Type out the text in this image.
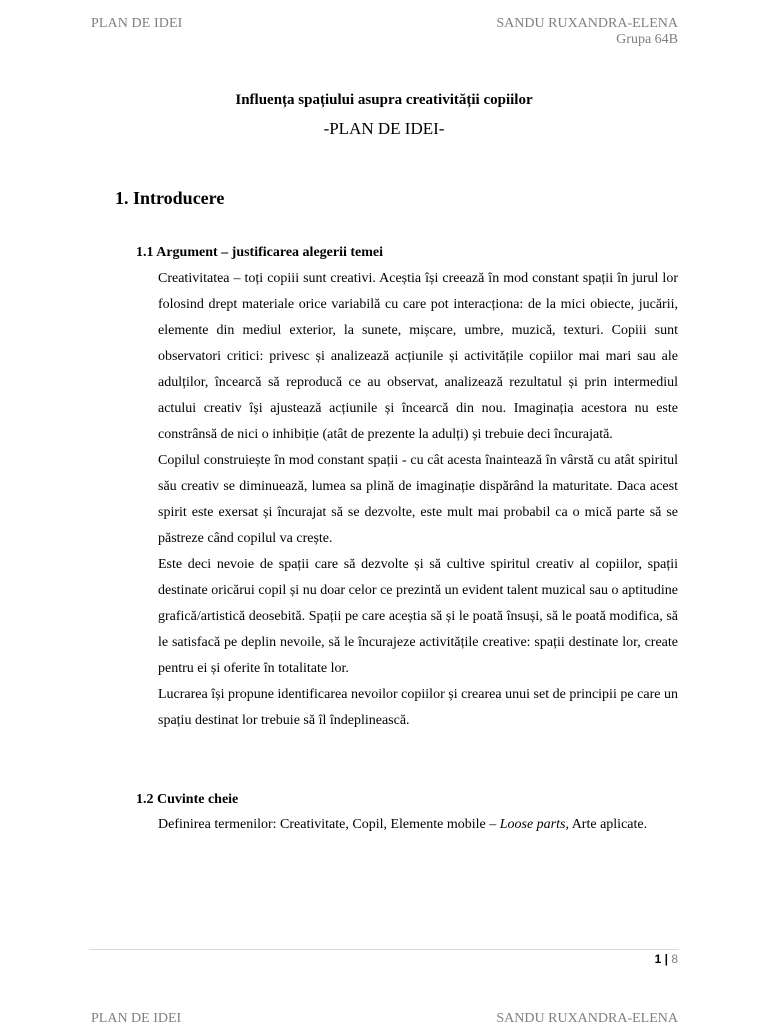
PLAN DE IDEI	SANDU RUXANDRA-ELENA
Grupa 64B
Influența spațiului asupra creativității copiilor
-PLAN DE IDEI-
1. Introducere
1.1 Argument – justificarea alegerii temei

Creativitatea – toți copiii sunt creativi. Aceștia își creează în mod constant spații în jurul lor folosind drept materiale orice variabilă cu care pot interacționa: de la mici obiecte, jucării, elemente din mediul exterior, la sunete, mișcare, umbre, muzică, texturi. Copiii sunt observatori critici: privesc și analizează acțiunile și activitățile copiilor mai mari sau ale adulților, încearcă să reproducă ce au observat, analizează rezultatul și prin intermediul actului creativ își ajustează acțiunile și încearcă din nou. Imaginația acestora nu este constrânsă de nici o inhibiție (atât de prezente la adulți) și trebuie deci încurajată.

Copilul construiește în mod constant spații - cu cât acesta înaintează în vârstă cu atât spiritul său creativ se diminuează, lumea sa plină de imaginație dispărând la maturitate. Daca acest spirit este exersat și încurajat să se dezvolte, este mult mai probabil ca o mică parte să se păstreze când copilul va crește.

Este deci nevoie de spații care să dezvolte și să cultive spiritul creativ al copiilor, spații destinate oricărui copil și nu doar celor ce prezintă un evident talent muzical sau o aptitudine grafică/artistică deosebită. Spații pe care aceștia să și le poată însuși, să le poată modifica, să le satisfacă pe deplin nevoile, să le încurajeze activitățile creative: spații destinate lor, create pentru ei și oferite în totalitate lor.

Lucrarea își propune identificarea nevoilor copiilor și crearea unui set de principii pe care un spațiu destinat lor trebuie să îl îndeplinească.

1.2 Cuvinte cheie

Definirea termenilor: Creativitate, Copil, Elemente mobile – Loose parts, Arte aplicate.

1 | 8
PLAN DE IDEI	SANDU RUXANDRA-ELENA
